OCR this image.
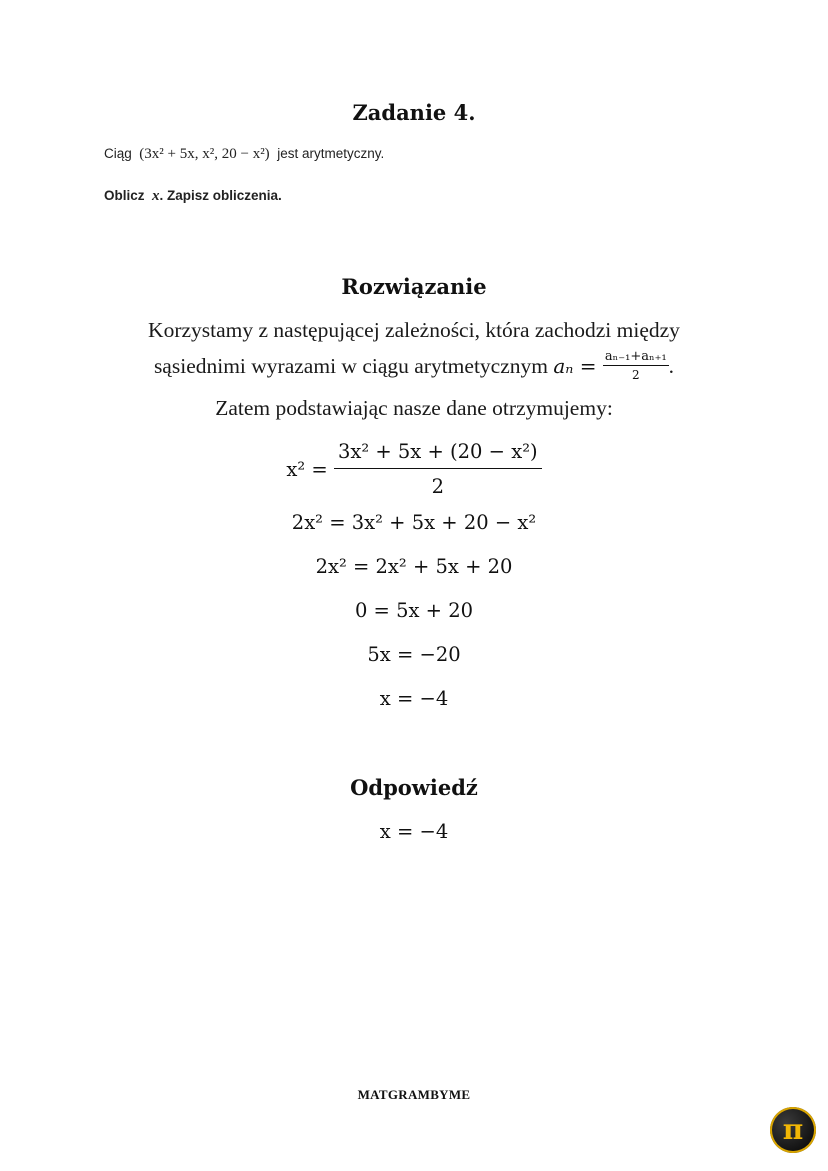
Zadanie 4.
Ciąg (3x² + 5x, x², 20 − x²) jest arytmetyczny.
Oblicz x. Zapisz obliczenia.
Rozwiązanie
Korzystamy z następującej zależności, która zachodzi między
sąsiednimi wyrazami w ciągu arytmetycznym $a_n = \frac{\text{aₙ₋₁+aₙ₊₁}}{2}$ .
Zatem podstawiając nasze dane otrzymujemy:
$x^2 = \frac{\text{3x² + 5x + (20 − x²)}}{2}$
2x² = 3x² + 5x + 20 − x²
2x² = 2x² + 5x + 20
0 = 5x + 20
5x = −20
x = −4
Odpowiedź
x = −4
MATGRAMBYME
π
